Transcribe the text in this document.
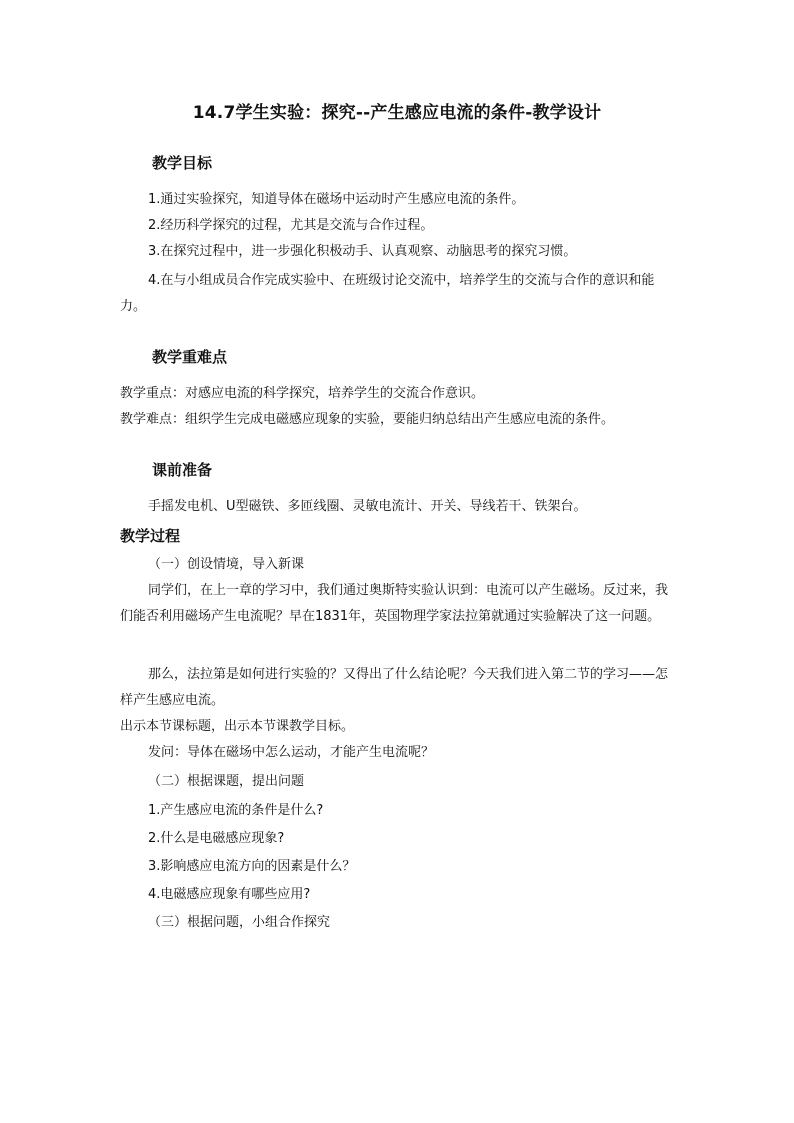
14.7学生实验：探究--产生感应电流的条件-教学设计
教学目标
1.通过实验探究，知道导体在磁场中运动时产生感应电流的条件。
2.经历科学探究的过程，尤其是交流与合作过程。
3.在探究过程中，进一步强化积极动手、认真观察、动脑思考的探究习惯。
4.在与小组成员合作完成实验中、在班级讨论交流中，培养学生的交流与合作的意识和能力。
教学重难点
教学重点：对感应电流的科学探究，培养学生的交流合作意识。
教学难点：组织学生完成电磁感应现象的实验，要能归纳总结出产生感应电流的条件。
课前准备
手摇发电机、U型磁铁、多匝线圈、灵敏电流计、开关、导线若干、铁架台。
教学过程
（一）创设情境，导入新课
同学们，在上一章的学习中，我们通过奥斯特实验认识到：电流可以产生磁场。反过来，我们能否利用磁场产生电流呢？早在1831年，英国物理学家法拉第就通过实验解决了这一问题。
那么，法拉第是如何进行实验的？又得出了什么结论呢？今天我们进入第二节的学习——怎样产生感应电流。
出示本节课标题，出示本节课教学目标。
发问：导体在磁场中怎么运动，才能产生电流呢？
（二）根据课题，提出问题
1.产生感应电流的条件是什么?
2.什么是电磁感应现象?
3.影响感应电流方向的因素是什么？
4.电磁感应现象有哪些应用?
（三）根据问题，小组合作探究
